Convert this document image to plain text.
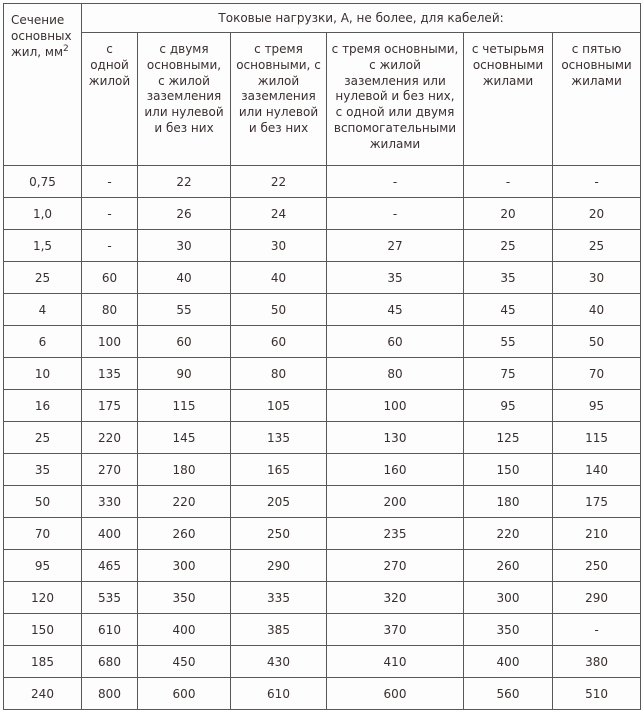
Сечение основных жил, $мм^2$	Токовые нагрузки, А, не более, для кабелей:					
	с одной жилой	с двумя основными, с жилой заземления или нулевой и без них	с тремя основными, с жилой заземления или нулевой и без них	с тремя основными, с жилой заземления или нулевой и без них, с одной или двумя вспомогательными жилами	с четырьмя основными жилами	с пятью основными жилами
0,75	-	22	22	-	-	-
1,0	-	26	24	-	20	20
1,5	-	30	30	27	25	25
25	60	40	40	35	35	30
4	80	55	50	45	45	40
6	100	60	60	60	55	50
10	135	90	80	80	75	70
16	175	115	105	100	95	95
25	220	145	135	130	125	115
35	270	180	165	160	150	140
50	330	220	205	200	180	175
70	400	260	250	235	220	210
95	465	300	290	270	260	250
120	535	350	335	320	300	290
150	610	400	385	370	350	-
185	680	450	430	410	400	380
240	800	600	610	600	560	510
